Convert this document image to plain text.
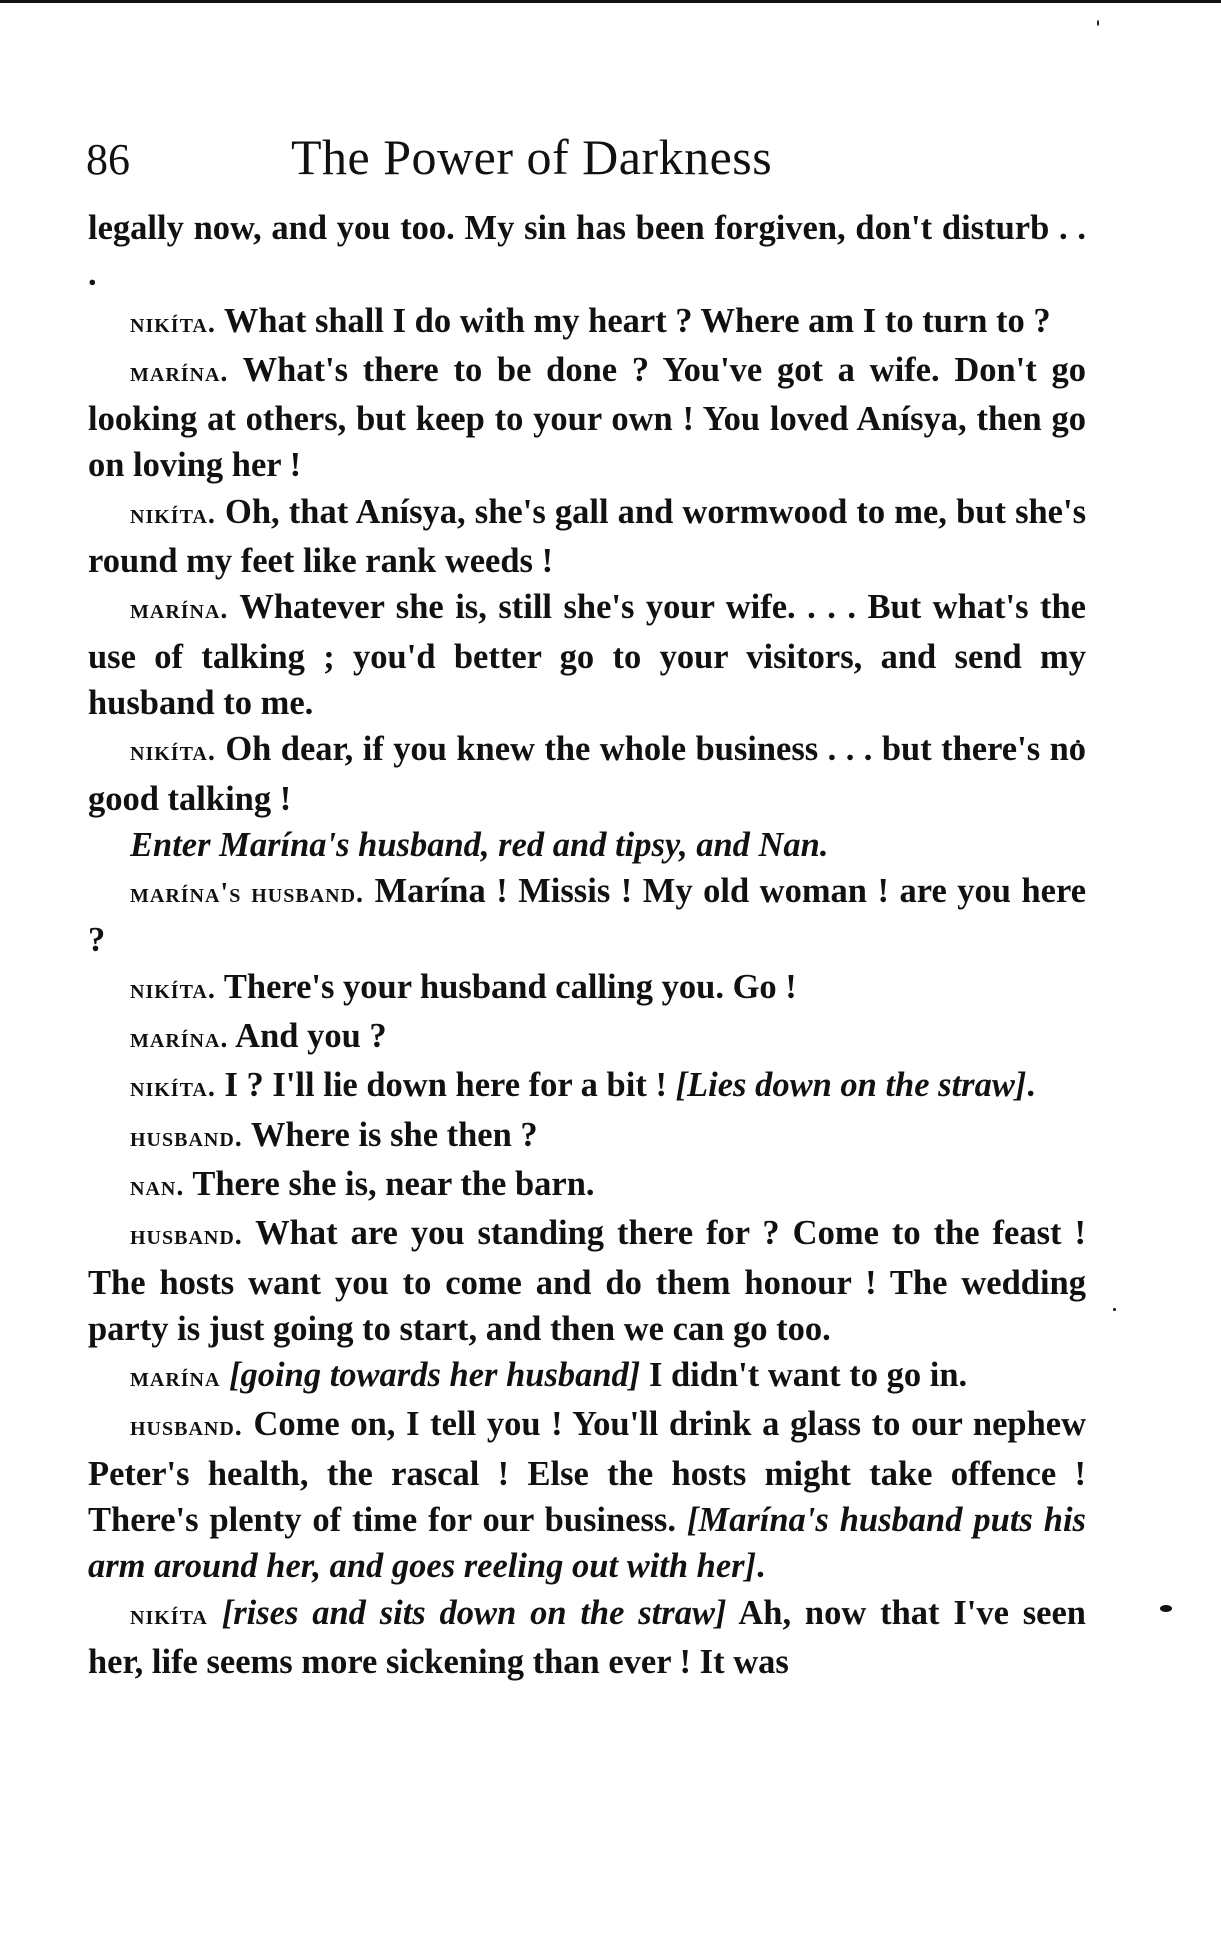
86	The Power of Darkness

legally now, and you too. My sin has been forgiven, don't disturb . . .

nikíta. What shall I do with my heart ? Where am I to turn to ?

marína. What's there to be done ? You've got a wife. Don't go looking at others, but keep to your own ! You loved Anísya, then go on loving her !

nikíta. Oh, that Anísya, she's gall and wormwood to me, but she's round my feet like rank weeds !

marína. Whatever she is, still she's your wife. . . . But what's the use of talking ; you'd better go to your visitors, and send my husband to me.

nikíta. Oh dear, if you knew the whole business . . . but there's no good talking !

Enter Marína's husband, red and tipsy, and Nan.

marína's husband. Marína ! Missis ! My old woman ! are you here ?

nikíta. There's your husband calling you. Go !

marína. And you ?

nikíta. I ? I'll lie down here for a bit ! [Lies down on the straw].

husband. Where is she then ?

nan. There she is, near the barn.

husband. What are you standing there for ? Come to the feast ! The hosts want you to come and do them honour ! The wedding party is just going to start, and then we can go too.

marína [going towards her husband] I didn't want to go in.

husband. Come on, I tell you ! You'll drink a glass to our nephew Peter's health, the rascal ! Else the hosts might take offence ! There's plenty of time for our business. [Marína's husband puts his arm around her, and goes reeling out with her].

nikíta [rises and sits down on the straw] Ah, now that I've seen her, life seems more sickening than ever ! It was
